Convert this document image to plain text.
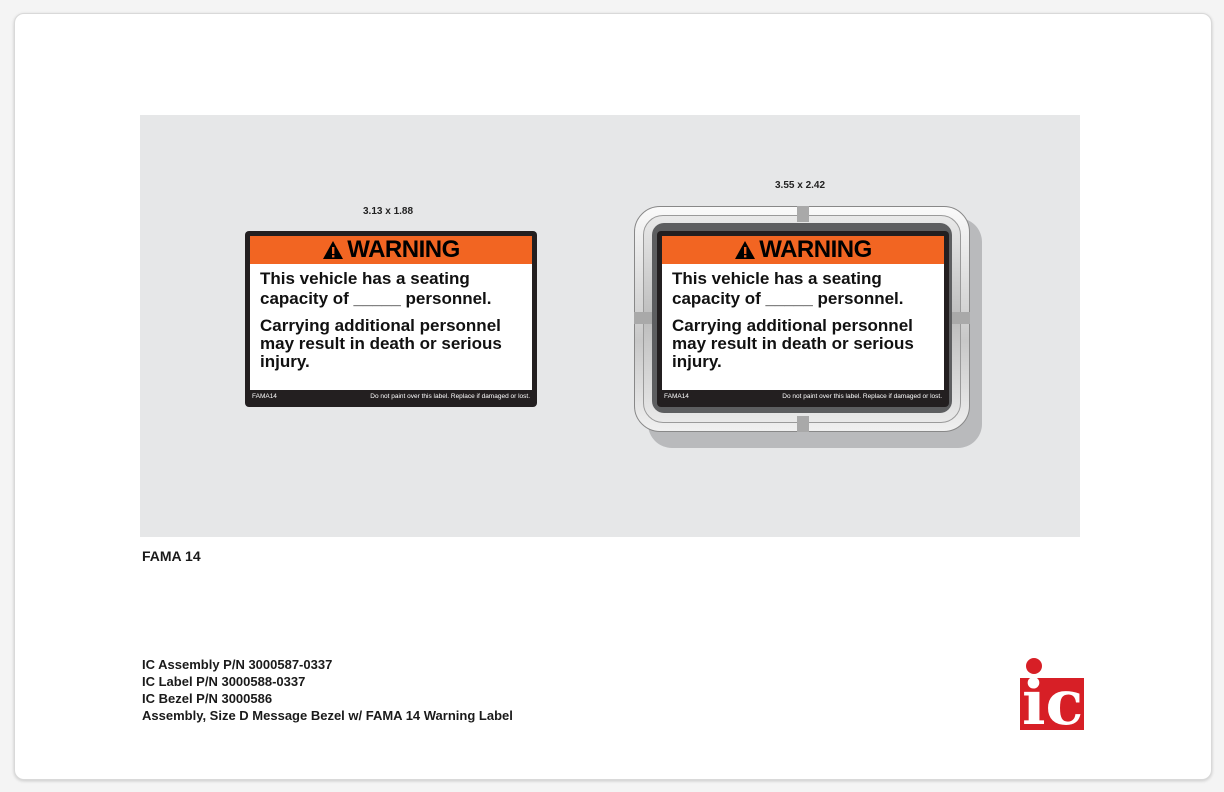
3.13 x 1.88
WARNING
This vehicle has a seating
capacity of _____ personnel.
Carrying additional personnel
may result in death or serious
injury.
FAMA14	Do not paint over this label. Replace if damaged or lost.
3.55 x 2.42
WARNING
This vehicle has a seating
capacity of _____ personnel.
Carrying additional personnel
may result in death or serious
injury.
FAMA14	Do not paint over this label. Replace if damaged or lost.
FAMA 14
IC Assembly P/N 3000587-0337
IC Label P/N 3000588-0337
IC Bezel P/N 3000586
Assembly, Size D Message Bezel w/ FAMA 14 Warning Label	ic
